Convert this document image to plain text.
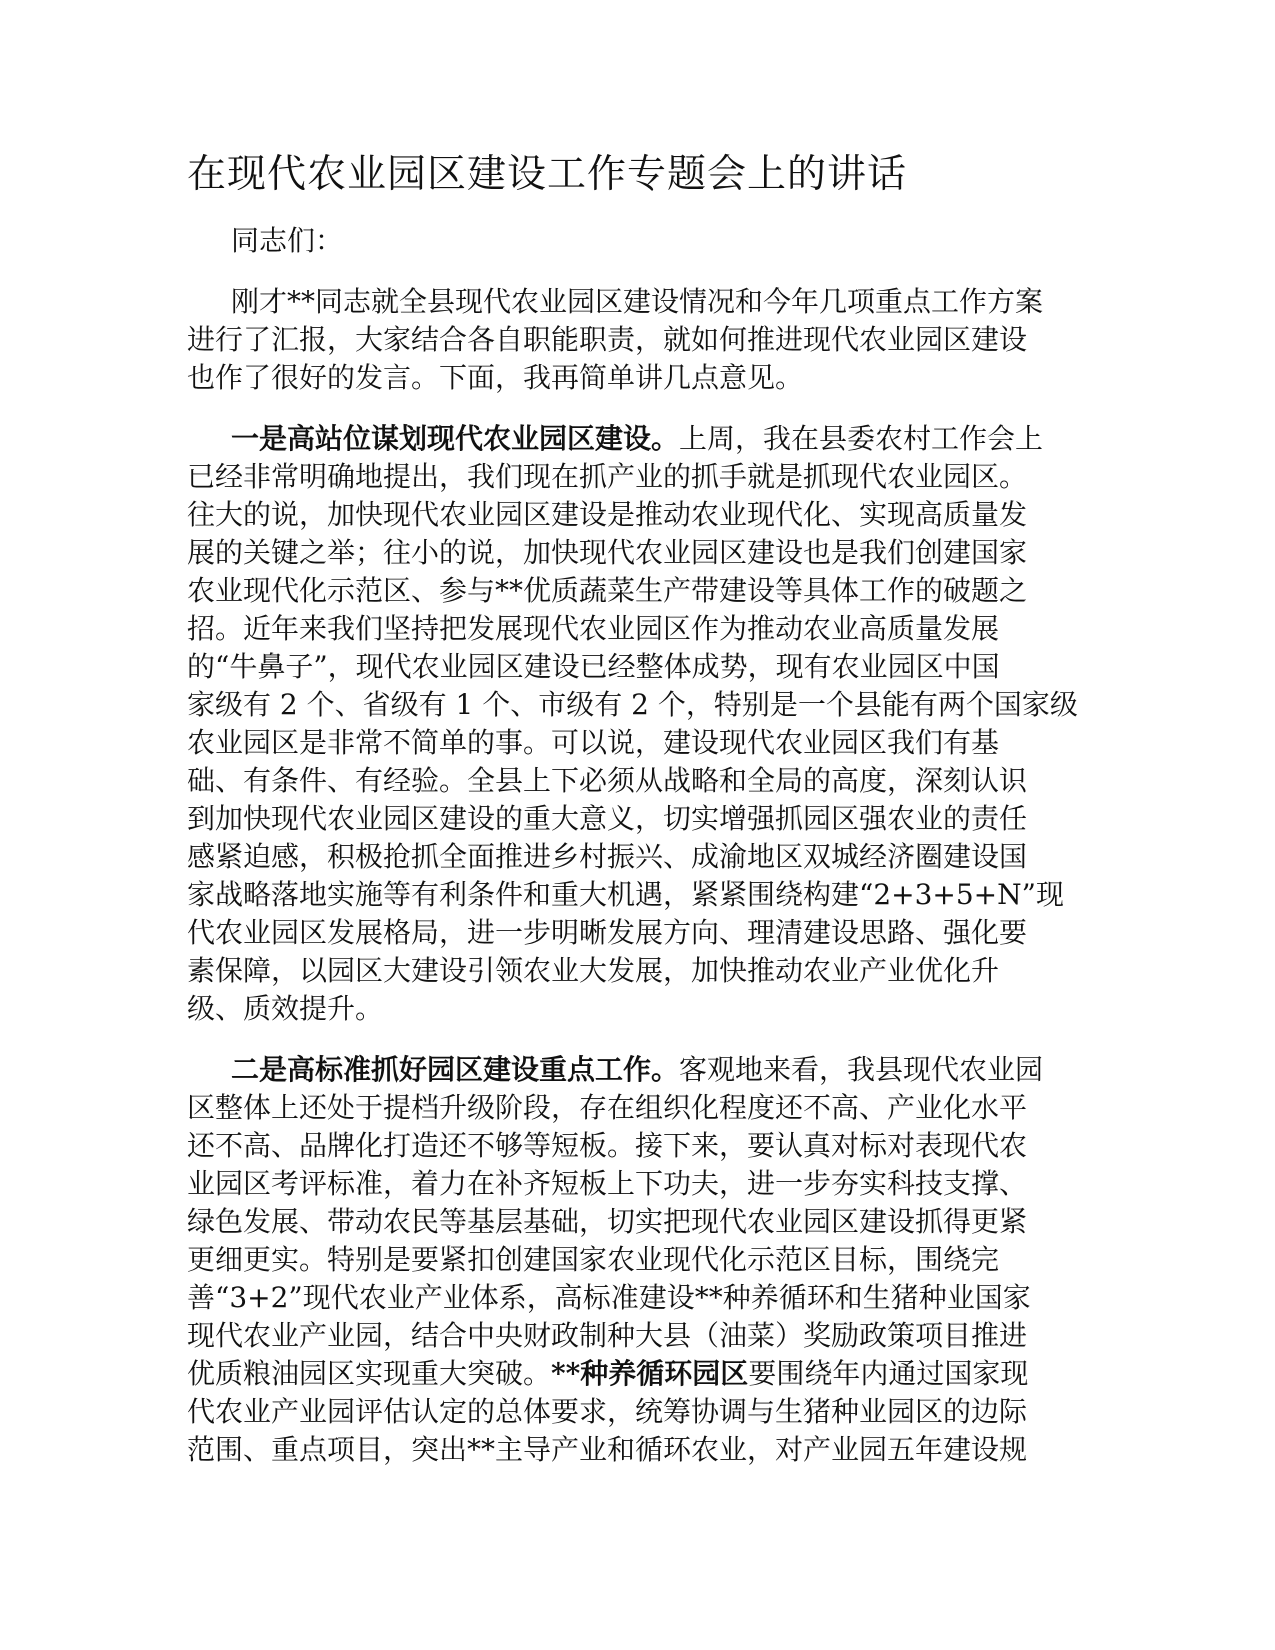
在现代农业园区建设工作专题会上的讲话

同志们：

刚才**同志就全县现代农业园区建设情况和今年几项重点工作方案
进行了汇报，大家结合各自职能职责，就如何推进现代农业园区建设
也作了很好的发言。下面，我再简单讲几点意见。
一是高站位谋划现代农业园区建设。上周，我在县委农村工作会上
已经非常明确地提出，我们现在抓产业的抓手就是抓现代农业园区。
往大的说，加快现代农业园区建设是推动农业现代化、实现高质量发
展的关键之举；往小的说，加快现代农业园区建设也是我们创建国家
农业现代化示范区、参与**优质蔬菜生产带建设等具体工作的破题之
招。近年来我们坚持把发展现代农业园区作为推动农业高质量发展
的“牛鼻子”，现代农业园区建设已经整体成势，现有农业园区中国
家级有 2 个、省级有 1 个、市级有 2 个，特别是一个县能有两个国家级
农业园区是非常不简单的事。可以说，建设现代农业园区我们有基
础、有条件、有经验。全县上下必须从战略和全局的高度，深刻认识
到加快现代农业园区建设的重大意义，切实增强抓园区强农业的责任
感紧迫感，积极抢抓全面推进乡村振兴、成渝地区双城经济圈建设国
家战略落地实施等有利条件和重大机遇，紧紧围绕构建“2+3+5+N”现
代农业园区发展格局，进一步明晰发展方向、理清建设思路、强化要
素保障，以园区大建设引领农业大发展，加快推动农业产业优化升
级、质效提升。
二是高标准抓好园区建设重点工作。客观地来看，我县现代农业园
区整体上还处于提档升级阶段，存在组织化程度还不高、产业化水平
还不高、品牌化打造还不够等短板。接下来，要认真对标对表现代农
业园区考评标准，着力在补齐短板上下功夫，进一步夯实科技支撑、
绿色发展、带动农民等基层基础，切实把现代农业园区建设抓得更紧
更细更实。特别是要紧扣创建国家农业现代化示范区目标，围绕完
善“3+2”现代农业产业体系，高标准建设**种养循环和生猪种业国家
现代农业产业园，结合中央财政制种大县（油菜）奖励政策项目推进
优质粮油园区实现重大突破。**种养循环园区要围绕年内通过国家现
代农业产业园评估认定的总体要求，统筹协调与生猪种业园区的边际
范围、重点项目，突出**主导产业和循环农业，对产业园五年建设规
